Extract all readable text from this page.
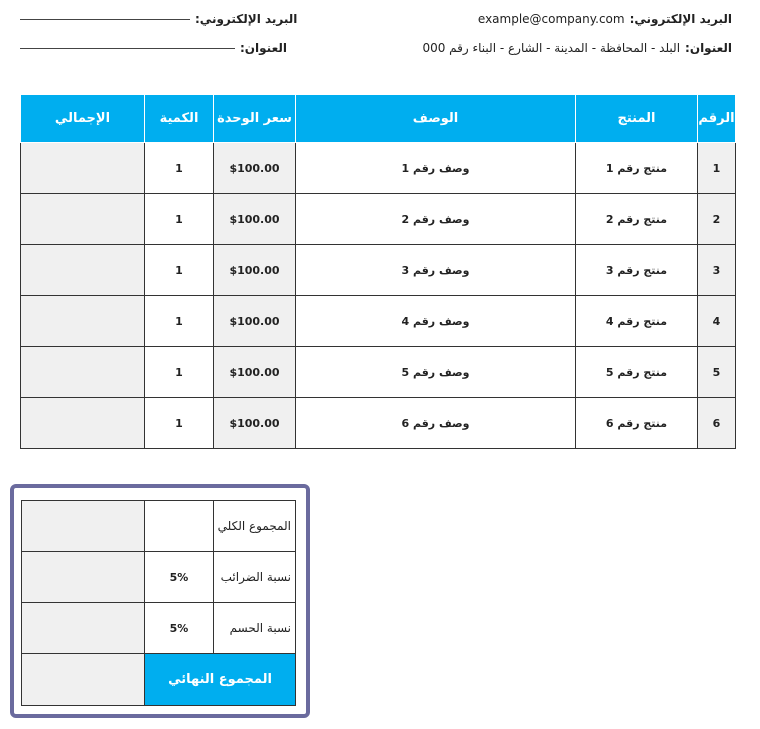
البريد الإلكتروني:example@company.com
العنوان:البلد - المحافظة - المدينة - الشارع - البناء رقم 000
البريد الإلكتروني:
العنوان:
الرقم	المنتج	الوصف	سعر الوحدة	الكمية	الإجمالي
1	منتج رقم 1	وصف رقم 1	$100.00	1	
2	منتج رقم 2	وصف رقم 2	$100.00	1	
3	منتج رقم 3	وصف رقم 3	$100.00	1	
4	منتج رقم 4	وصف رقم 4	$100.00	1	
5	منتج رقم 5	وصف رقم 5	$100.00	1	
6	منتج رقم 6	وصف رقم 6	$100.00	1	
المجموع الكلي		
نسبة الضرائب	5%	
نسبة الحسم	5%	
المجموع النهائي		
